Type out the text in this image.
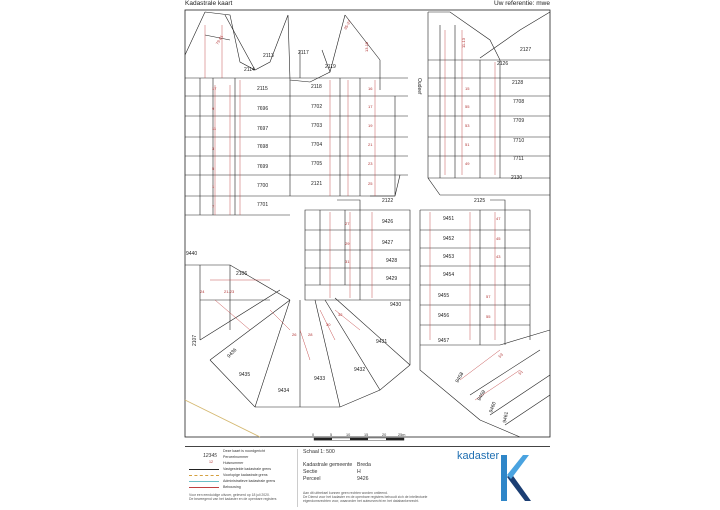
Kadastrale kaart	Uw referentie: mwe
2113	2117
2114	2119
2115	2118
7696	7702
7697	7703
7698	7704
7699	7705
7700	2121
7701
2122
2127
2126
2128
7708
7709
7710
7711
2130
2125
9451
9452
9453
9454
9455
9456
9457
9426
9427
9428
9429
9430
9431
9432
9433
9434
9435
2106
9440
2107
9436
9458
9459
9460
9461
Oudeef
79-81
35-37
13-15
17
9
11
3
5
1
7
16
17
19
21
23
25
11-13
15
55
53
51
49
47
45
43
24	21-23
27
29
31
26	28
30
32
57
55
53
51
0	5	10	15	20	25m
12345
Deze kaart is noordgericht
Perceelnummer
12	Huisnummer
Vastgestelde kadastrale grens
Voorlopige kadastrale grens
Administratieve kadastrale grens
Bebouwing
Voor een eenduidige uitvoer, geleverd op 18 juli 2020.
De beweegend van het kadaster en de openbare registers
Schaal 1: 500
Kadastrale gemeente Breda
Sectie	H
Perceel	9426
Aan dit uittreksel kunnen geen rechten worden ontleend.
De Dienst voor het kadaster en de openbare registers behoudt zich de intellectuele
eigendomsrechten voor, waaronder het auteursrecht en het databankenrecht.
kadaster
